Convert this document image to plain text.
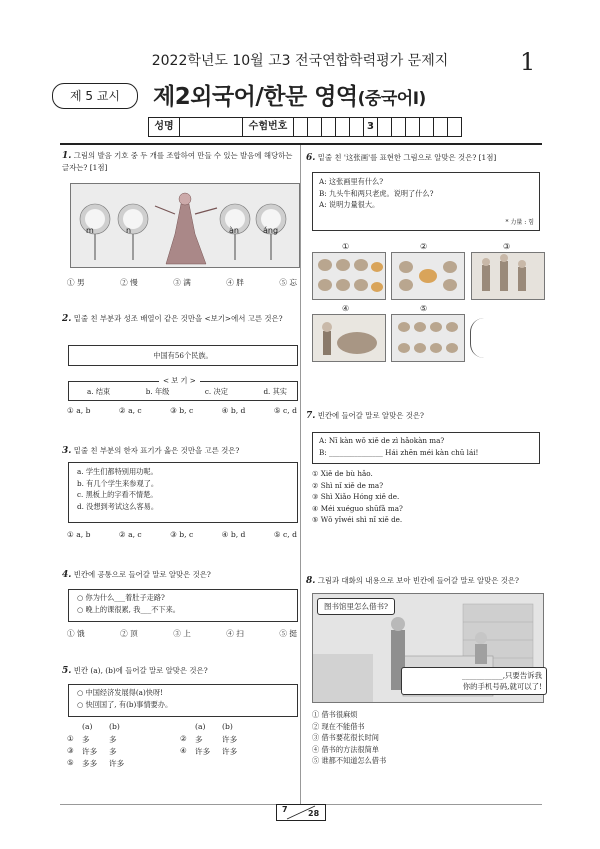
2022학년도 10월 고3 전국연합학력평가 문제지	1
제 5 교시	제2외국어/한문 영역(중국어Ⅰ)
성명	수험번호	3
1. 그림의 발음 기호 중 두 개를 조합하여 만들 수 있는 발음에 해당하는 글자는? [1점]
m	n	àn	áng
① 男	② 慢	③ 满	④ 胖	⑤ 忘
2. 밑줄 친 부분과 성조 배열이 같은 것만을 <보기>에서 고른 것은?
中国有56个民族。
< 보 기 >
a. 结束	b. 年级	c. 决定	d. 其实
① a, b	② a, c	③ b, c	④ b, d	⑤ c, d
3. 밑줄 친 부분의 한자 표기가 옳은 것만을 고른 것은?
a. 学生们都特别用功呢。
b. 有几个学生来参观了。
c. 黑板上的字看不情楚。
d. 没想到考试这么客易。
① a, b	② a, c	③ b, c	④ b, d	⑤ c, d
4. 빈칸에 공통으로 들어갈 말로 알맞은 것은?
○ 你为什么___着肚子走路?
○ 晚上的课很累, 我___不下来。
① 饿	② 顶	③ 上	④ 扫	⑤ 挺
5. 빈칸 (a), (b)에 들어갈 말로 알맞은 것은?
○ 中国经济发展得(a)快呀!
○ 快回国了, 有(b)事情要办。
(a) (b)	(a) (b)
① 多	多	② 多	许多
③ 许多 多	④ 许多 许多
⑤ 多多 许多
6. 밑줄 친 '这张画'를 표현한 그림으로 알맞은 것은? [1점]
A: 这张画里有什么?
B: 九头牛和两只老虎。说明了什么?
A: 说明力量很大。
* 力量 : 힘
①	②	③
④	⑤
7. 빈칸에 들어갈 말로 알맞은 것은?
A: Nǐ kàn wǒ xiě de zì hǎokàn ma?
B: _______________ Hái zhēn méi kàn chū lái!
① Xiě de bù hǎo.
② Shì nǐ xiě de ma?
③ Shì Xiǎo Hóng xiě de.
④ Méi xuéguo shūfǎ ma?
⑤ Wǒ yǐwéi shì nǐ xiě de.
8. 그림과 대화의 내용으로 보아 빈칸에 들어갈 말로 알맞은 것은?
图书馆里怎么借书?
___________,只要告诉我
你的手机号码,就可以了!
① 借书很麻烦
② 现在不能借书
③ 借书要花很长时间
④ 借书的方法很简单
⑤ 谁都不知道怎么借书
7	28
